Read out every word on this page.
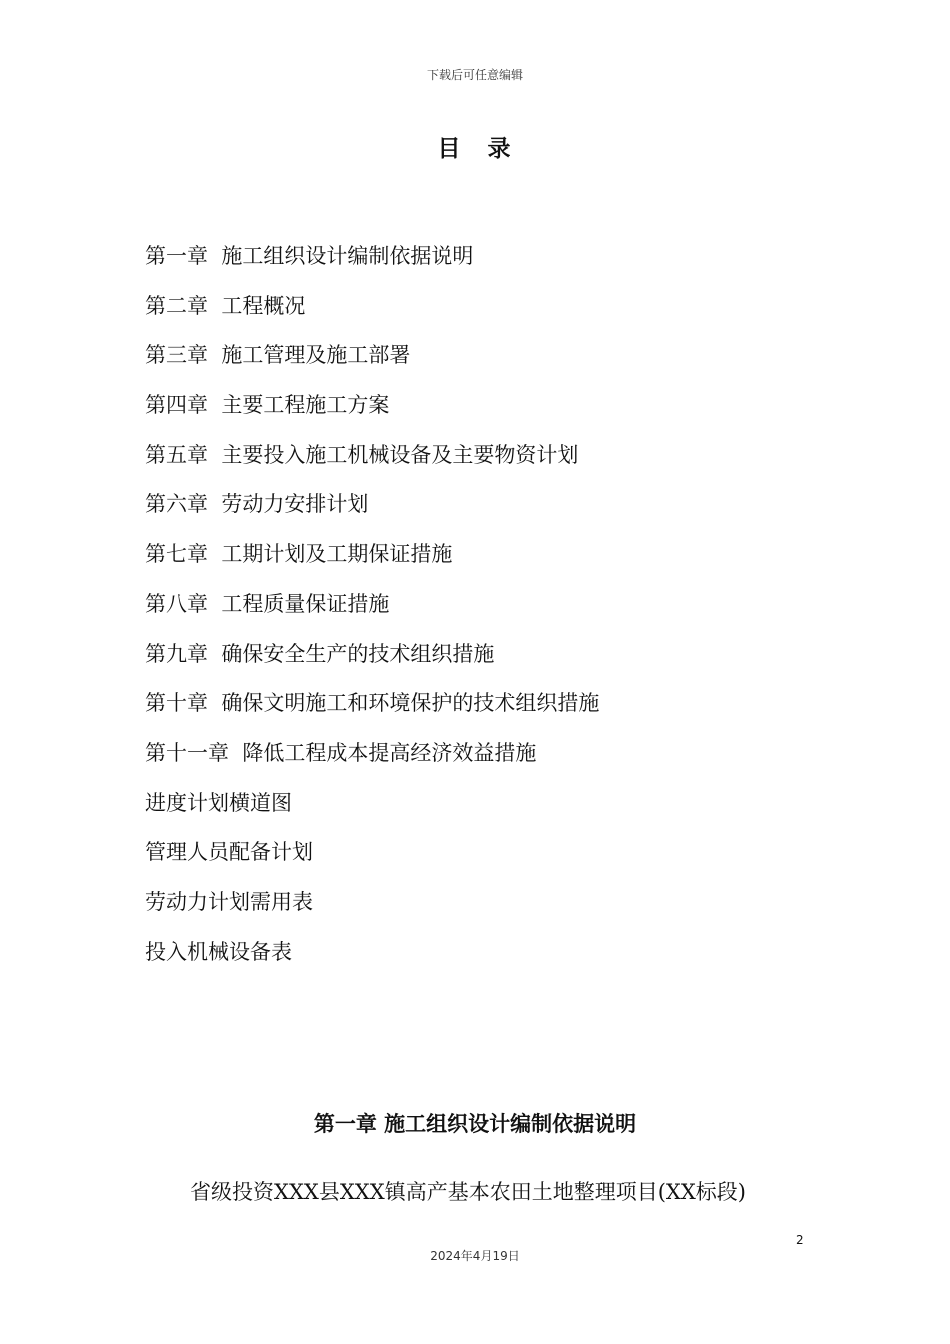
下载后可任意编辑
目　录
第一章  施工组织设计编制依据说明
第二章  工程概况
第三章  施工管理及施工部署
第四章  主要工程施工方案
第五章  主要投入施工机械设备及主要物资计划
第六章  劳动力安排计划
第七章  工期计划及工期保证措施
第八章  工程质量保证措施
第九章  确保安全生产的技术组织措施
第十章  确保文明施工和环境保护的技术组织措施
第十一章  降低工程成本提高经济效益措施
进度计划横道图
管理人员配备计划
劳动力计划需用表
投入机械设备表
第一章 施工组织设计编制依据说明
省级投资XXX县XXX镇高产基本农田土地整理项目(XX标段)
2
2024年4月19日
